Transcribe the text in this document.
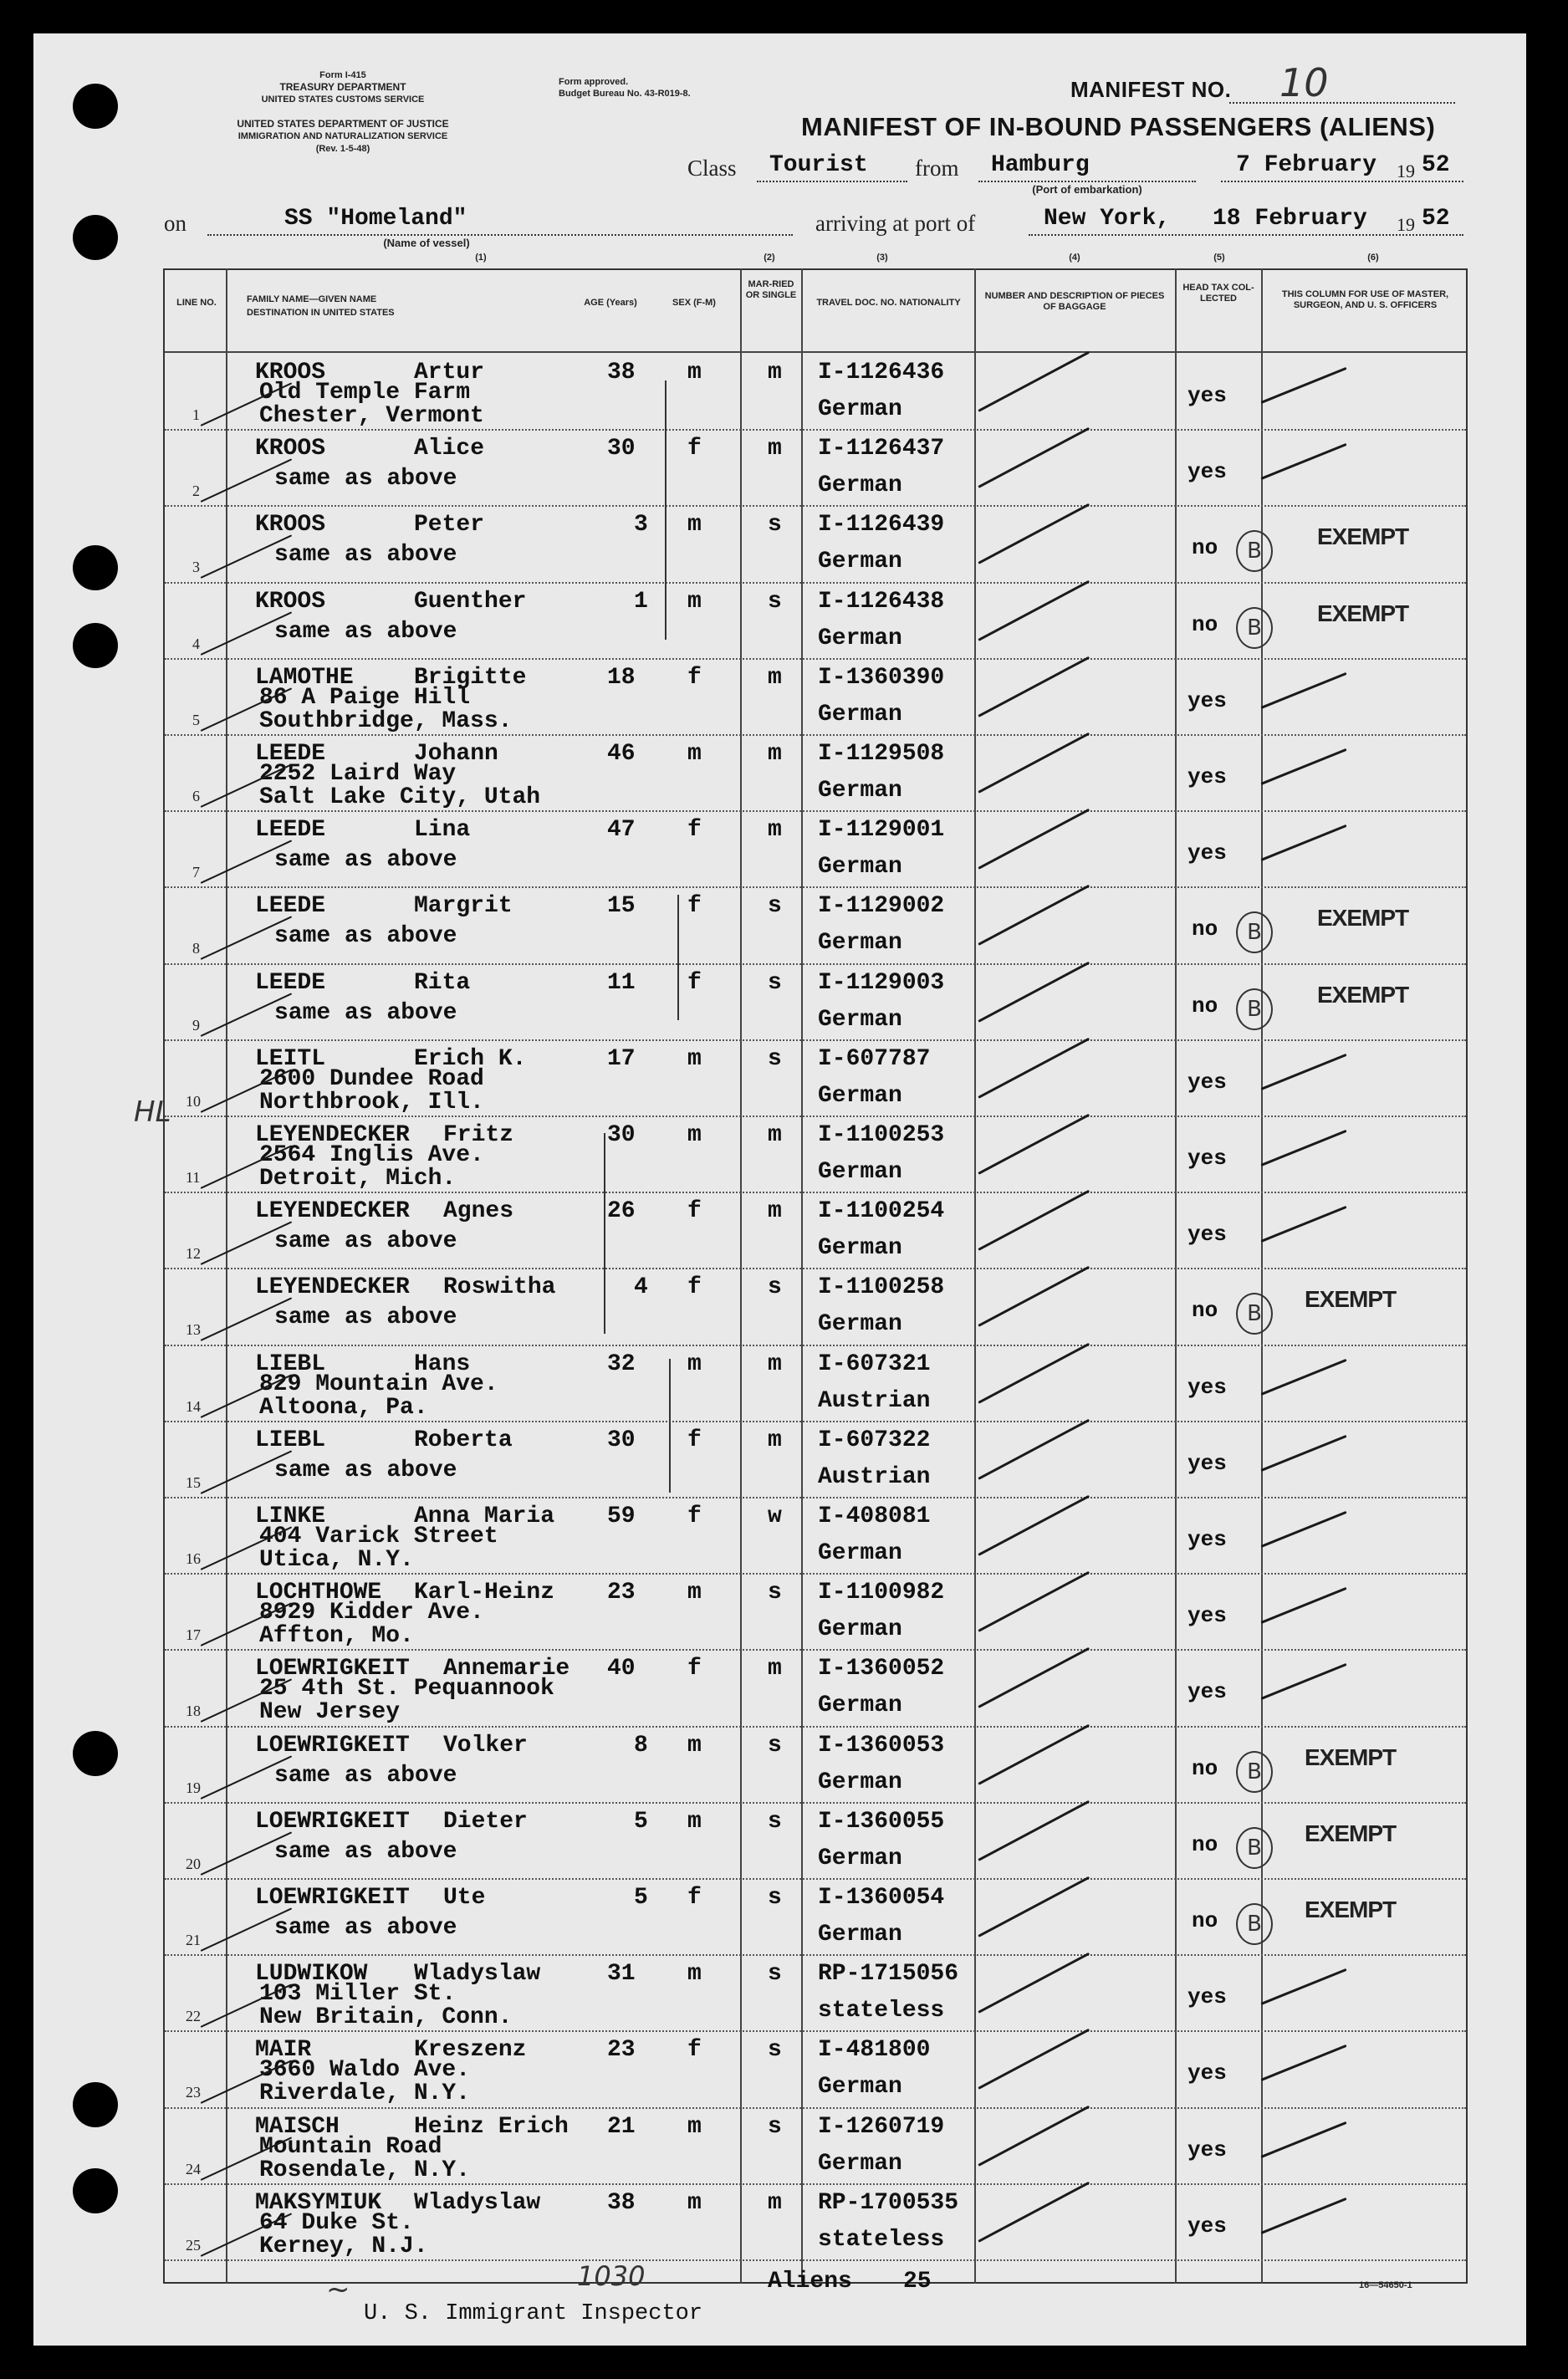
Form I-415
TREASURY DEPARTMENT
UNITED STATES CUSTOMS SERVICE
UNITED STATES DEPARTMENT OF JUSTICE
IMMIGRATION AND NATURALIZATION SERVICE
(Rev. 1-5-48)
Form approved.
Budget Bureau No. 43-R019-8.	MANIFEST NO. 10
MANIFEST OF IN-BOUND PASSENGERS (ALIENS)
Class Tourist from Hamburg
(Port of embarkation)
7 February 19 52
on	SS "Homeland"
(Name of vessel)
arriving at port of	New York, 18 February 19 52
(1)	(2)	(3)	(4)	(5)	(6)
LINE NO.	FAMILY NAME—GIVEN NAME
DESTINATION IN UNITED STATES
AGE (Years)	SEX (F-M)
MAR-RIED OR SINGLE
TRAVEL DOC. NO. NATIONALITY
NUMBER AND DESCRIPTION OF PIECES OF BAGGAGE
HEAD TAX COL-LECTED	THIS COLUMN FOR USE OF MASTER, SURGEON, AND U. S. OFFICERS
1
KROOS	Artur
Old Temple Farm
Chester, Vermont
38 m	m I-1126436
German
yes
2
KROOS	Alice
same as above
30 f	m I-1126437
German
yes
3
KROOS	Peter
same as above
3 m	s I-1126439
German
no	B
EXEMPT
4
KROOS	Guenther
same as above
1 m	s I-1126438
German
no	B
EXEMPT
5
LAMOTHE	Brigitte
86 A Paige Hill
Southbridge, Mass.
18 f	m I-1360390
German
yes
6
LEEDE	Johann
2252 Laird Way
Salt Lake City, Utah
46 m	m I-1129508
German
yes
7
LEEDE	Lina
same as above
47 f	m I-1129001
German
yes
8
LEEDE	Margrit
same as above
15 f	s I-1129002
German
no	B
EXEMPT
9
LEEDE	Rita
same as above
11 f	s I-1129003
German
no	B
EXEMPT
10
LEITL	Erich K.
2600 Dundee Road
Northbrook, Ill.
17 m	s I-607787
German
yes
11
LEYENDECKER Fritz
2564 Inglis Ave.
Detroit, Mich.
30 m	m I-1100253
German
yes
12
LEYENDECKER Agnes
same as above
26 f	m I-1100254
German
yes
13
LEYENDECKER Roswitha
same as above
4 f	s I-1100258
German
no	B
EXEMPT
14
LIEBL	Hans
829 Mountain Ave.
Altoona, Pa.
32 m	m I-607321
Austrian
yes
15
LIEBL	Roberta
same as above
30 f	m I-607322
Austrian
yes
16
LINKE	Anna Maria
404 Varick Street
Utica, N.Y.
59 f	w I-408081
German
yes
17
LOCHTHOWE Karl-Heinz
8929 Kidder Ave.
Affton, Mo.
23 m	s I-1100982
German
yes
18
LOEWRIGKEIT Annemarie
25 4th St. Pequannook
New Jersey
40 f	m I-1360052
German
yes
19
LOEWRIGKEIT Volker
same as above
8 m	s I-1360053
German
no	B
EXEMPT
20
LOEWRIGKEIT Dieter
same as above
5 m	s I-1360055
German
no	B
EXEMPT
21
LOEWRIGKEIT Ute
same as above
5 f	s I-1360054
German
no	B
EXEMPT
22
LUDWIKOW Wladyslaw
103 Miller St.
New Britain, Conn.
31 m	s RP-1715056
stateless
yes
23
MAIR	Kreszenz
3660 Waldo Ave.
Riverdale, N.Y.
23 f	s I-481800
German
yes
24
MAISCH	Heinz Erich
Mountain Road
Rosendale, N.Y.
21 m	s I-1260719
German
yes
25
MAKSYMIUK Wladyslaw
64 Duke St.
Kerney, N.J.
38 m	m RP-1700535
stateless
yes
~	1030	Aliens 25
U. S. Immigrant Inspector
16—54650-1
HL
